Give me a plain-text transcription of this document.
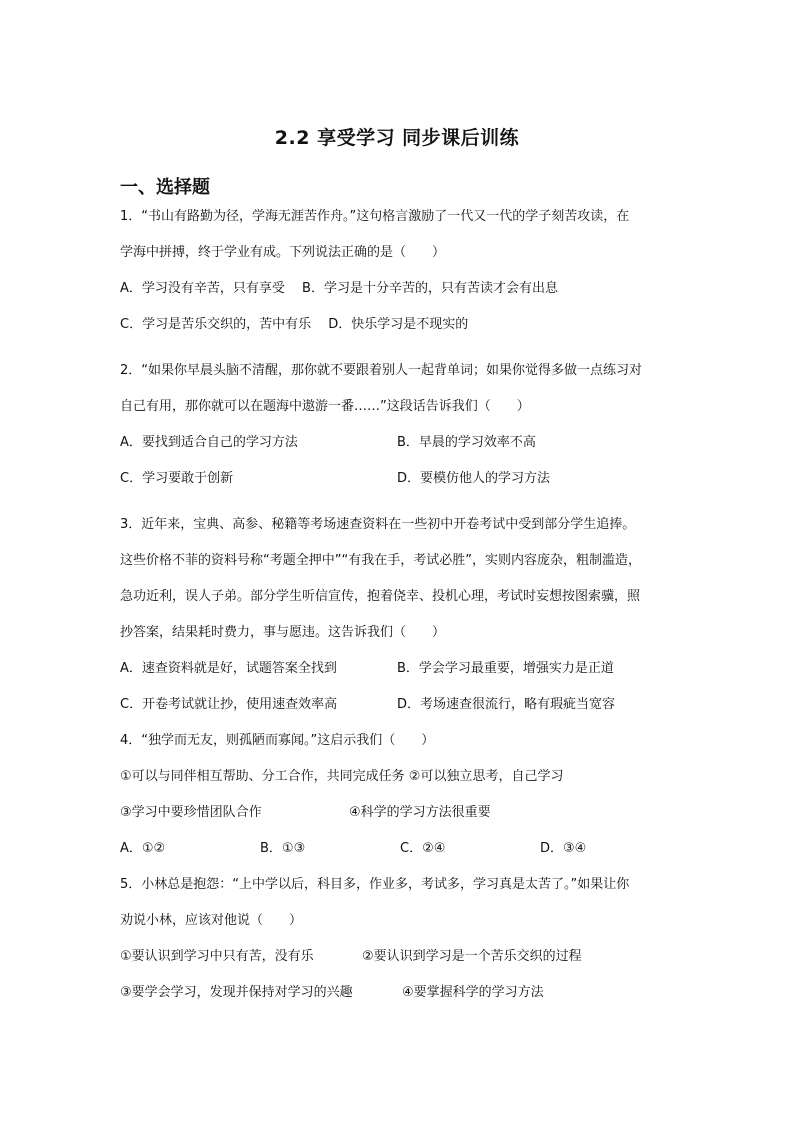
2.2 享受学习 同步课后训练
一、选择题
1．“书山有路勤为径，学海无涯苦作舟。”这句格言激励了一代又一代的学子刻苦攻读，在
学海中拼搏，终于学业有成。下列说法正确的是（　　）
A．学习没有辛苦，只有享受　 B．学习是十分辛苦的，只有苦读才会有出息
C．学习是苦乐交织的，苦中有乐　 D．快乐学习是不现实的
2．“如果你早晨头脑不清醒，那你就不要跟着别人一起背单词；如果你觉得多做一点练习对
自己有用，那你就可以在题海中遨游一番……”这段话告诉我们（　　）
A．要找到适合自己的学习方法	B．早晨的学习效率不高
C．学习要敢于创新	D．要模仿他人的学习方法
3．近年来，宝典、高参、秘籍等考场速查资料在一些初中开卷考试中受到部分学生追捧。
这些价格不菲的资料号称“考题全押中”“有我在手，考试必胜”，实则内容庞杂，粗制滥造，
急功近利，误人子弟。部分学生听信宣传，抱着侥幸、投机心理，考试时妄想按图索骥，照
抄答案，结果耗时费力，事与愿违。这告诉我们（　　）
A．速查资料就是好，试题答案全找到	B．学会学习最重要，增强实力是正道
C．开卷考试就让抄，使用速查效率高	D．考场速查很流行，略有瑕疵当宽容
4．“独学而无友，则孤陋而寡闻。”这启示我们（　　）
①可以与同伴相互帮助、分工合作，共同完成任务 ②可以独立思考，自己学习
③学习中要珍惜团队合作	④科学的学习方法很重要
A．①②	B．①③	C．②④	D．③④
5．小林总是抱怨：“上中学以后，科目多，作业多，考试多，学习真是太苦了。”如果让你
劝说小林，应该对他说（　　）
①要认识到学习中只有苦，没有乐	②要认识到学习是一个苦乐交织的过程
③要学会学习，发现并保持对学习的兴趣	④要掌握科学的学习方法
